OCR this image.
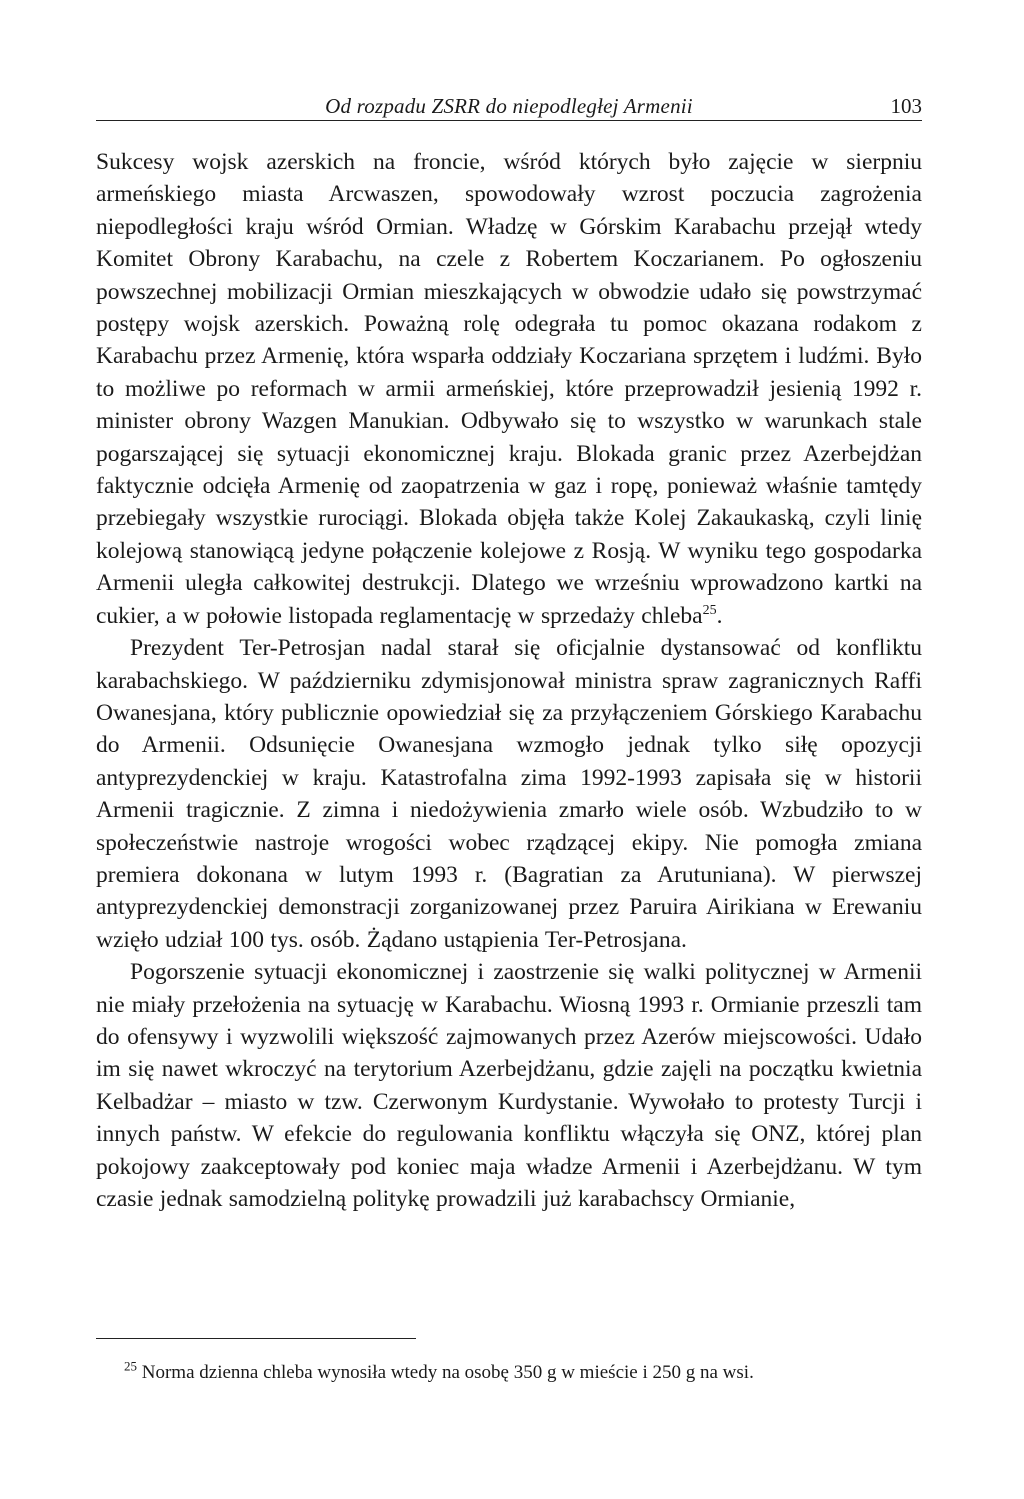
Od rozpadu ZSRR do niepodległej Armenii	103

Sukcesy wojsk azerskich na froncie, wśród których było zajęcie w sierpniu armeńskiego miasta Arcwaszen, spowodowały wzrost poczucia zagrożenia niepodległości kraju wśród Ormian. Władzę w Górskim Karabachu przejął wtedy Komitet Obrony Karabachu, na czele z Robertem Koczarianem. Po ogłoszeniu powszechnej mobilizacji Ormian mieszkających w obwodzie udało się powstrzymać postępy wojsk azerskich. Poważną rolę odegrała tu pomoc okazana rodakom z Karabachu przez Armenię, która wsparła oddziały Koczariana sprzętem i ludźmi. Było to możliwe po reformach w armii armeńskiej, które przeprowadził jesienią 1992 r. minister obrony Wazgen Manukian. Odbywało się to wszystko w warunkach stale pogarszającej się sytuacji ekonomicznej kraju. Blokada granic przez Azerbejdżan faktycznie odcięła Armenię od zaopatrzenia w gaz i ropę, ponieważ właśnie tamtędy przebiegały wszystkie rurociągi. Blokada objęła także Kolej Zakaukaską, czyli linię kolejową stanowiącą jedyne połączenie kolejowe z Rosją. W wyniku tego gospodarka Armenii uległa całkowitej destrukcji. Dlatego we wrześniu wprowadzono kartki na cukier, a w połowie listopada reglamentację w sprzedaży chleba$^{25}$.

Prezydent Ter-Petrosjan nadal starał się oficjalnie dystansować od konfliktu karabachskiego. W październiku zdymisjonował ministra spraw zagranicznych Raffi Owanesjana, który publicznie opowiedział się za przyłączeniem Górskiego Karabachu do Armenii. Odsunięcie Owanesjana wzmogło jednak tylko siłę opozycji antyprezydenckiej w kraju. Katastrofalna zima 1992-1993 zapisała się w historii Armenii tragicznie. Z zimna i niedożywienia zmarło wiele osób. Wzbudziło to w społeczeństwie nastroje wrogości wobec rządzącej ekipy. Nie pomogła zmiana premiera dokonana w lutym 1993 r. (Bagratian za Arutuniana). W pierwszej antyprezydenckiej demonstracji zorganizowanej przez Paruira Airikiana w Erewaniu wzięło udział 100 tys. osób. Żądano ustąpienia Ter-Petrosjana.

Pogorszenie sytuacji ekonomicznej i zaostrzenie się walki politycznej w Armenii nie miały przełożenia na sytuację w Karabachu. Wiosną 1993 r. Ormianie przeszli tam do ofensywy i wyzwolili większość zajmowanych przez Azerów miejscowości. Udało im się nawet wkroczyć na terytorium Azerbejdżanu, gdzie zajęli na początku kwietnia Kelbadżar – miasto w tzw. Czerwonym Kurdystanie. Wywołało to protesty Turcji i innych państw. W efekcie do regulowania konfliktu włączyła się ONZ, której plan pokojowy zaakceptowały pod koniec maja władze Armenii i Azerbejdżanu. W tym czasie jednak samodzielną politykę prowadzili już karabachscy Ormianie,

$^{25}$ Norma dzienna chleba wynosiła wtedy na osobę 350 g w mieście i 250 g na wsi.
